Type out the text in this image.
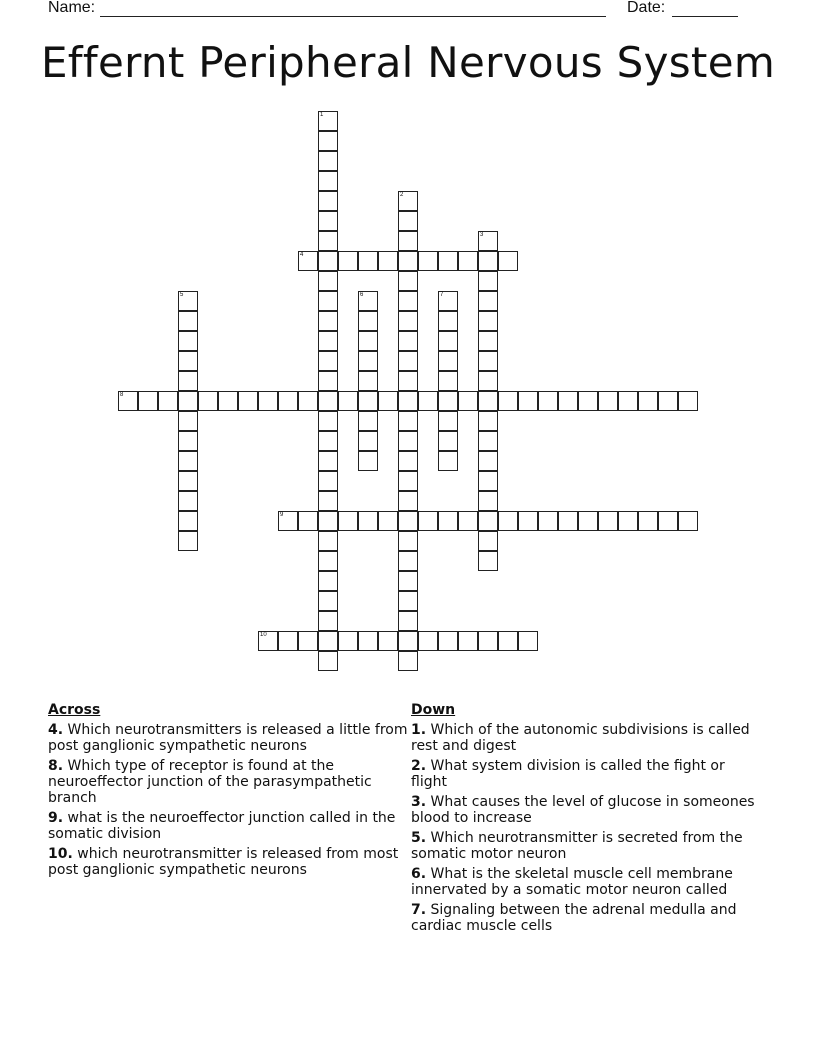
Name:	Date:
Effernt Peripheral Nervous System
1
2
3
4
5	6	7
8
9
10
Across
4. Which neurotransmitters is released a little from post ganglionic sympathetic neurons
8. Which type of receptor is found at the neuroeffector junction of the parasympathetic branch
9. what is the neuroeffector junction called in the somatic division
10. which neurotransmitter is released from most post ganglionic sympathetic neurons
Down
1. Which of the autonomic subdivisions is called rest and digest
2. What system division is called the fight or flight
3. What causes the level of glucose in someones blood to increase
5. Which neurotransmitter is secreted from the somatic motor neuron
6. What is the skeletal muscle cell membrane innervated by a somatic motor neuron called
7. Signaling between the adrenal medulla and cardiac muscle cells
